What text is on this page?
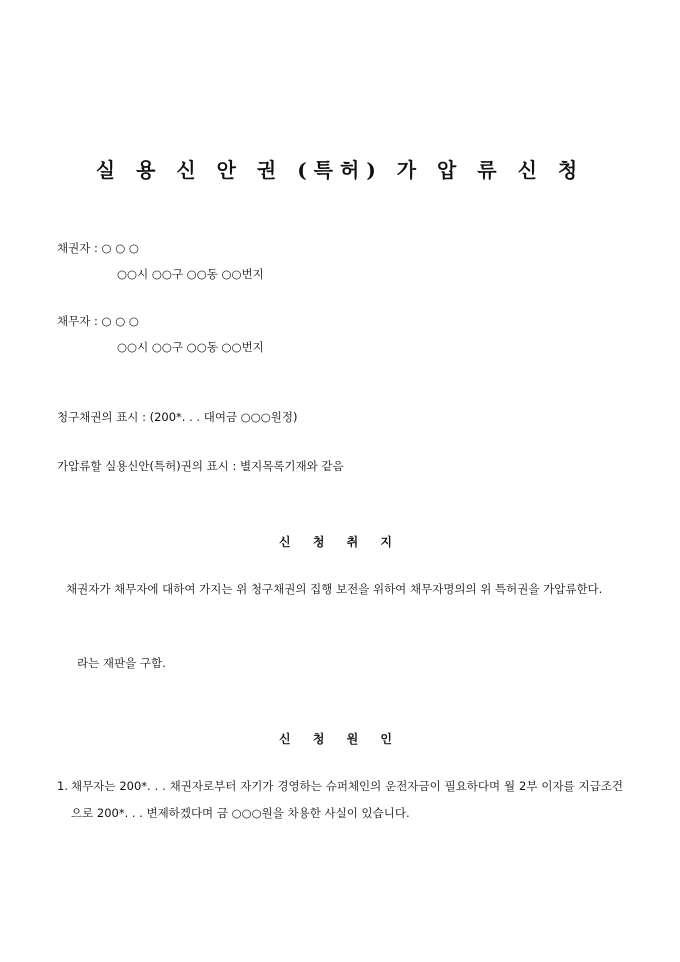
실 용 신 안 권 (특허) 가 압 류 신 청
채권자 : ○ ○ ○
○○시 ○○구 ○○동 ○○번지
채무자 : ○ ○ ○
○○시 ○○구 ○○동 ○○번지
청구채권의 표시 : (200*. . . 대여금 ○○○원정)
가압류할 실용신안(특허)권의 표시 : 별지목록기재와 같음
신 청 취 지
채권자가 채무자에 대하여 가지는 위 청구채권의 집행 보전을 위하여 채무자명의의 위 특허권을 가압류한다.
라는 재판을 구함.
신 청 원 인
1. 채무자는 200*. . . 채권자로부터 자기가 경영하는 슈퍼체인의 운전자금이 필요하다며 월 2부 이자를 지급조건으로 200*. . . 변제하겠다며 금 ○○○원을 차용한 사실이 있습니다.
